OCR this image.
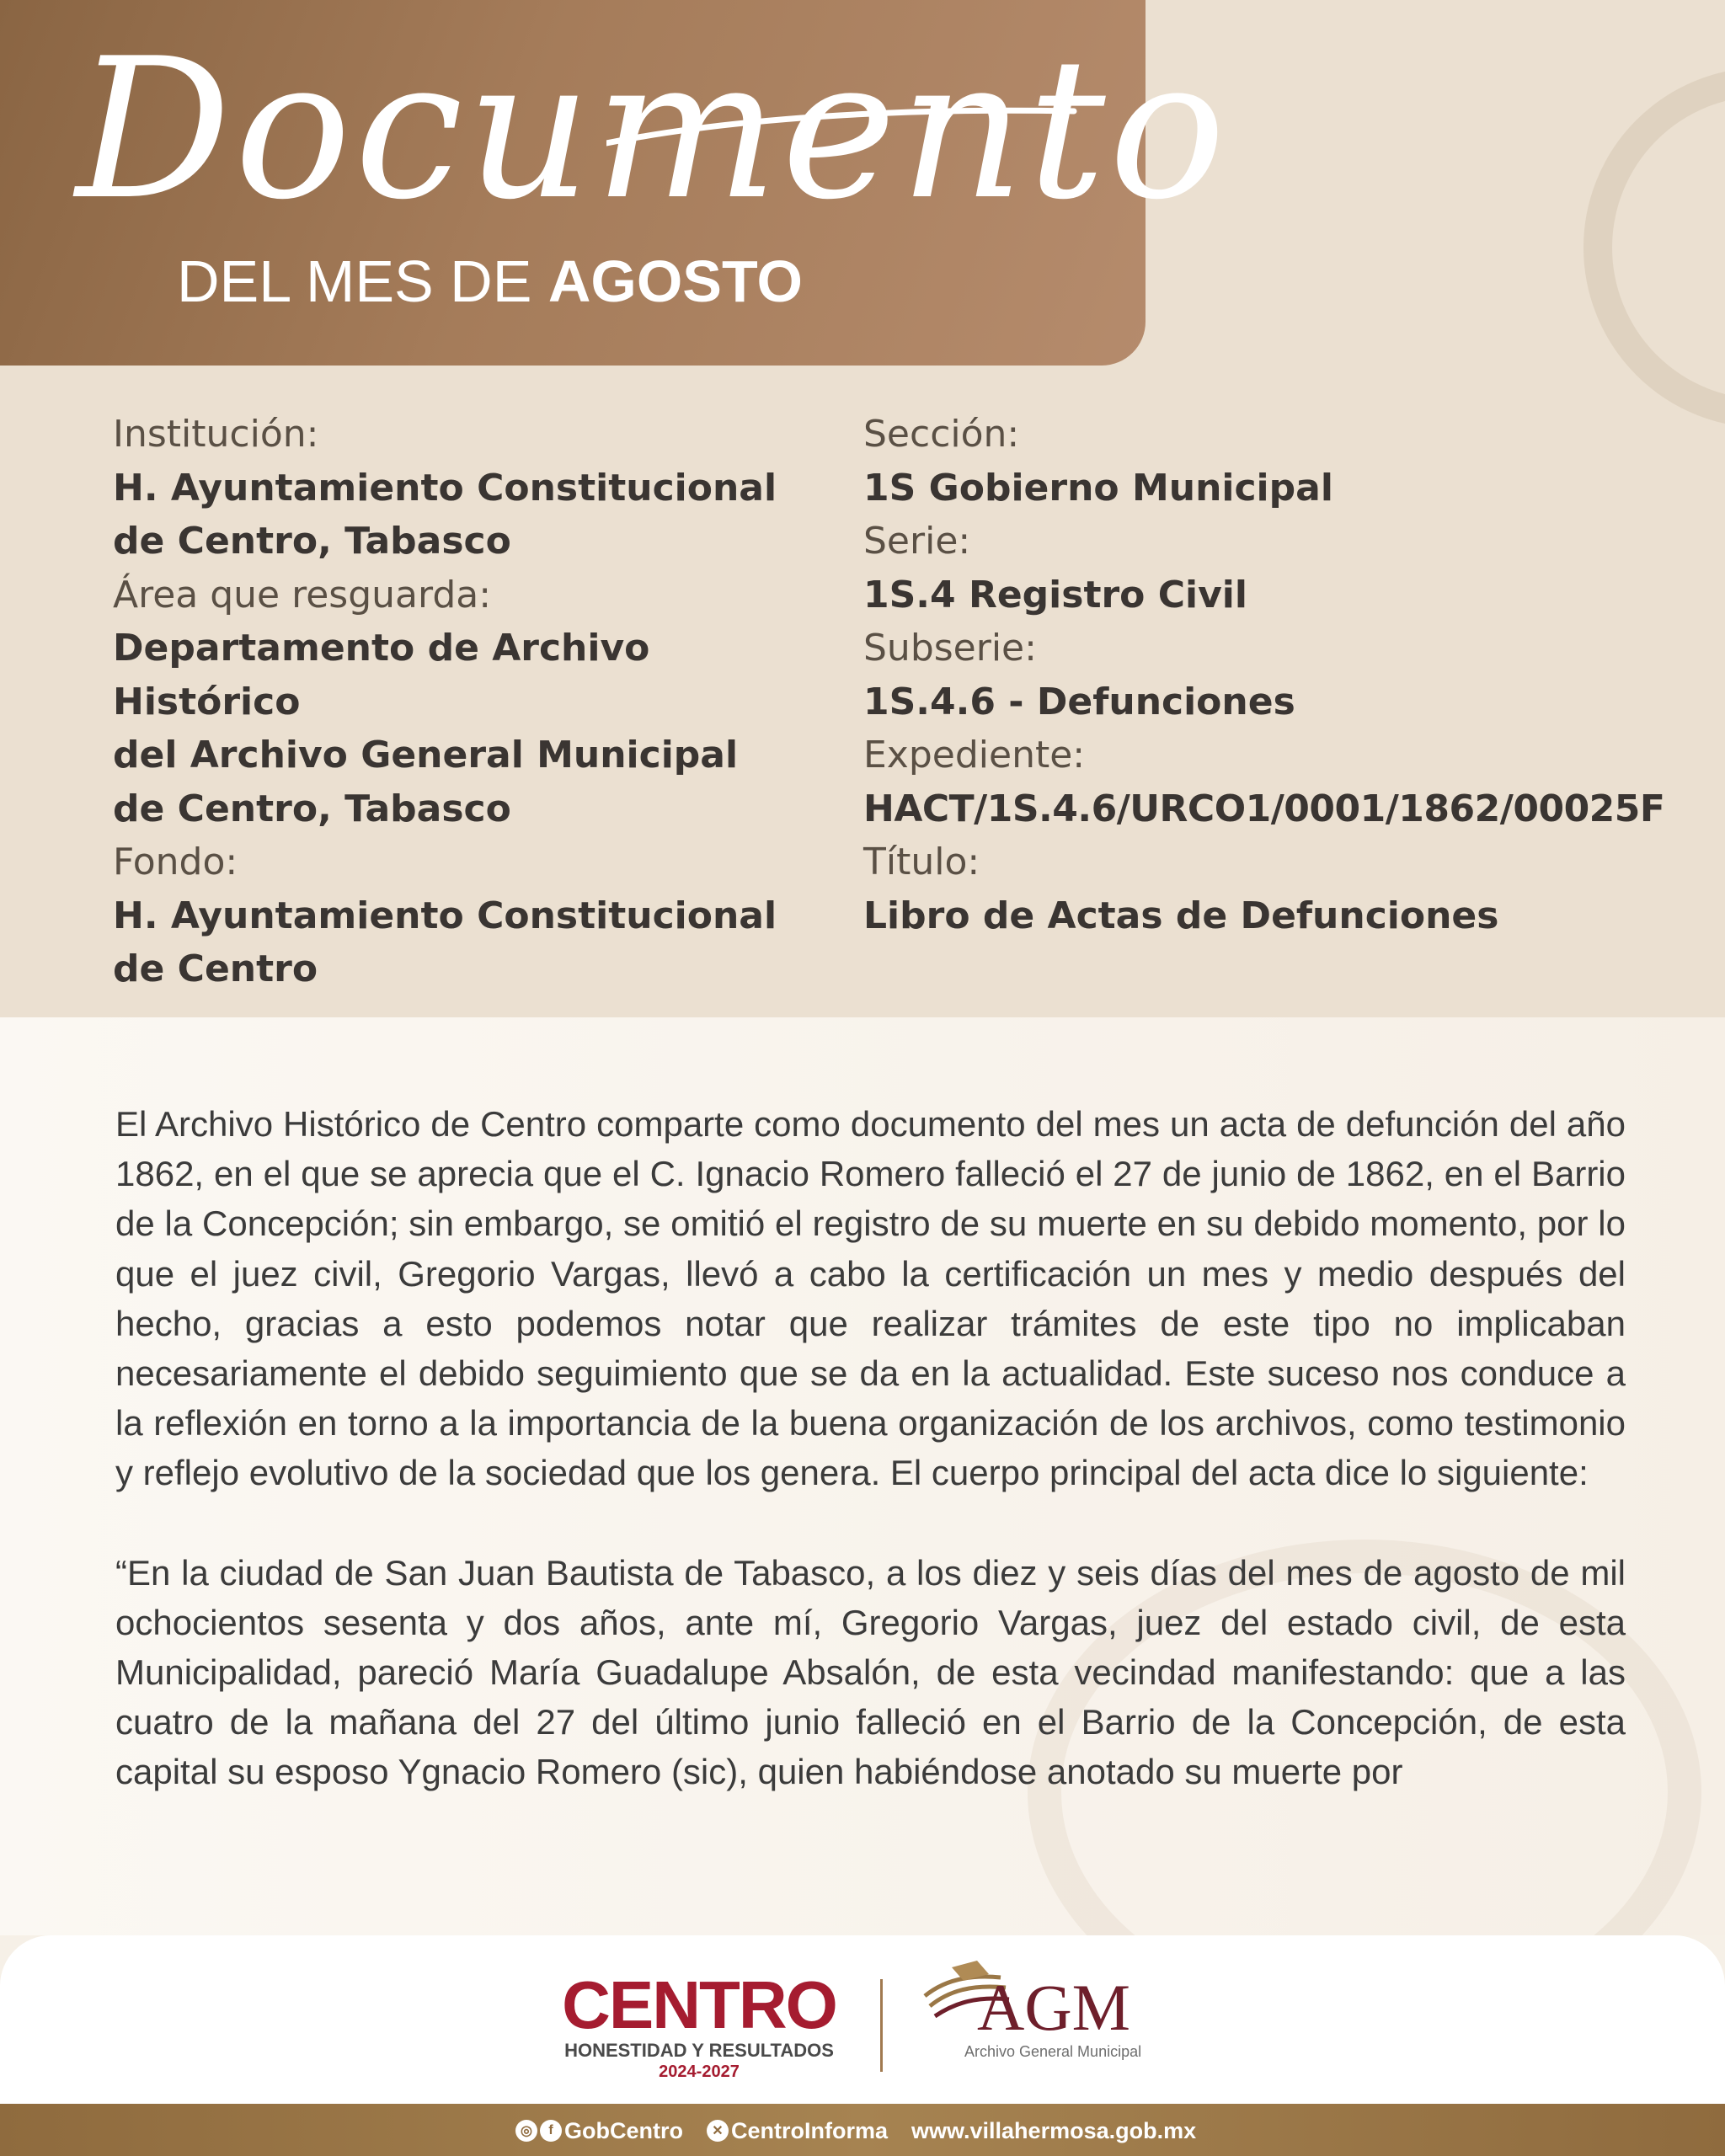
Documento
DEL MES DE AGOSTO
Institución:
H. Ayuntamiento Constitucional
de Centro, Tabasco
Área que resguarda:
Departamento de Archivo Histórico
del Archivo General Municipal
de Centro, Tabasco
Fondo:
H. Ayuntamiento Constitucional
de Centro
Sección:
1S Gobierno Municipal
Serie:
1S.4 Registro Civil
Subserie:
1S.4.6 - Defunciones
Expediente:
HACT/1S.4.6/URCO1/0001/1862/00025F
Título:
Libro de Actas de Defunciones

El Archivo Histórico de Centro comparte como documento del mes un acta de defunción del año 1862, en el que se aprecia que el C. Ignacio Romero falleció el 27 de junio de 1862, en el Barrio de la Concepción; sin embargo, se omitió el registro de su muerte en su debido momento, por lo que el juez civil, Gregorio Vargas, llevó a cabo la certificación un mes y medio después del hecho, gracias a esto podemos notar que realizar trámites de este tipo no implicaban necesariamente el debido seguimiento que se da en la actualidad. Este suceso nos conduce a la reflexión en torno a la importancia de la buena organización de los archivos, como testimonio y reflejo evolutivo de la sociedad que los genera. El cuerpo principal del acta dice lo siguiente:

“En la ciudad de San Juan Bautista de Tabasco, a los diez y seis días del mes de agosto de mil ochocientos sesenta y dos años, ante mí, Gregorio Vargas, juez del estado civil, de esta Municipalidad, pareció María Guadalupe Absalón, de esta vecindad manifestando: que a las cuatro de la mañana del 27 del último junio falleció en el Barrio de la Concepción, de esta capital su esposo Ygnacio Romero (sic), quien habiéndose anotado su muerte por

CENTRO
HONESTIDAD Y RESULTADOS
2024-2027
AGM
Archivo General Municipal
◎	f GobCentro	✕ CentroInforma www.villahermosa.gob.mx
